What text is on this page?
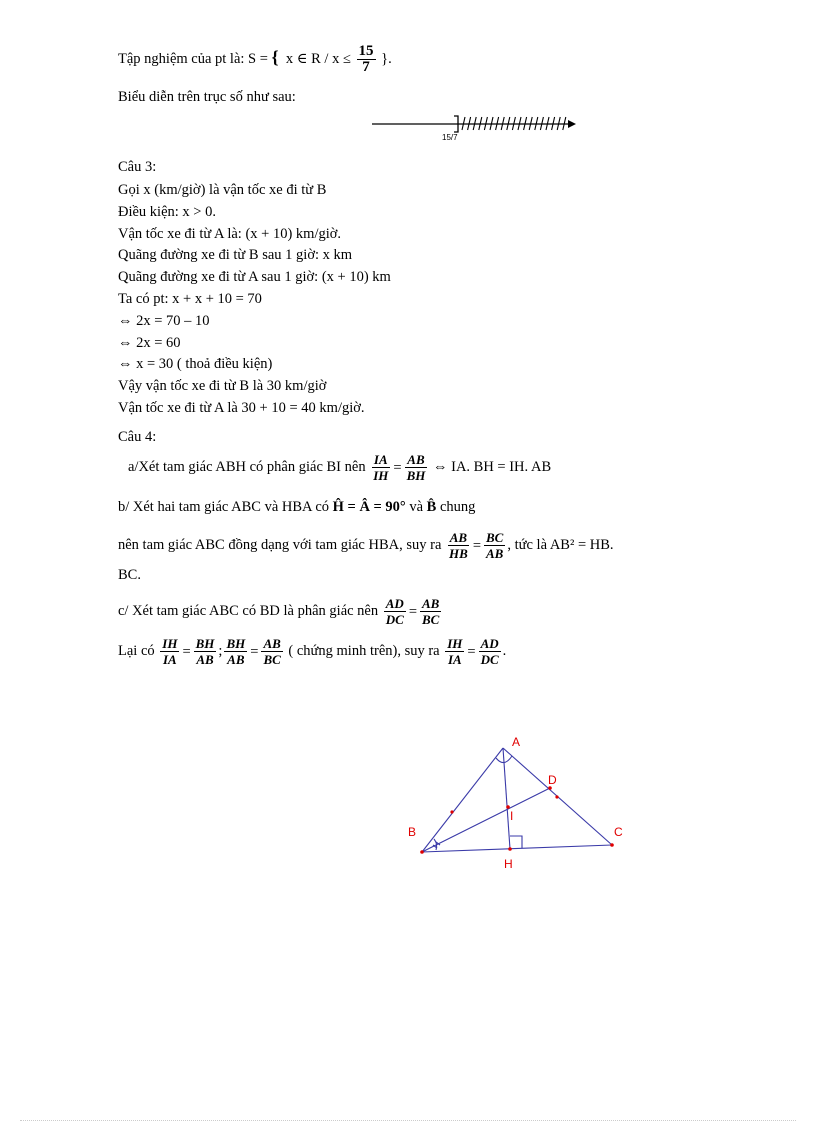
Tập nghiệm của pt là: S = { x ∈ $R / x \le \frac{15}{7}$ }.
Biểu diễn trên trục số như sau:
15/7
Câu 3:
Gọi x (km/giờ) là vận tốc xe đi từ B
Điều kiện: x > 0.
Vận tốc xe đi từ A là: (x + 10) km/giờ.
Quãng đường xe đi từ B sau 1 giờ: x km
Quãng đường xe đi từ A sau 1 giờ: (x + 10) km
Ta có pt: x + x + 10 = 70
⇔ 2x = 70 – 10
⇔ 2x = 60
⇔ x = 30 ( thoả điều kiện)
Vậy vận tốc xe đi từ B là 30 km/giờ
Vận tốc xe đi từ A là 30 + 10 = 40 km/giờ.
Câu 4:
a/Xét tam giác ABH có phân giác BI nên $\frac{IA}{IH} = \frac{AB}{BH}$ ⇔ IA. BH = IH. AB
b/ Xét hai tam giác ABC và HBA có Ĥ = Â = 90° và B̂ chung
nên tam giác ABC đồng dạng với tam giác HBA, suy ra $\frac{AB}{HB} = \frac{BC}{AB}$ , tức là AB² = HB.
BC.
c/ Xét tam giác ABC có BD là phân giác nên $\frac{AD}{DC} = \frac{AB}{BC}$
Lại có $\frac{IH}{IA} = \frac{BH}{AB}$ ; $\frac{BH}{AB} = \frac{AB}{BC}$ ( chứng minh trên), suy ra $\frac{IH}{IA} = \frac{AD}{DC}$ .
A
D
I
B	C
H
